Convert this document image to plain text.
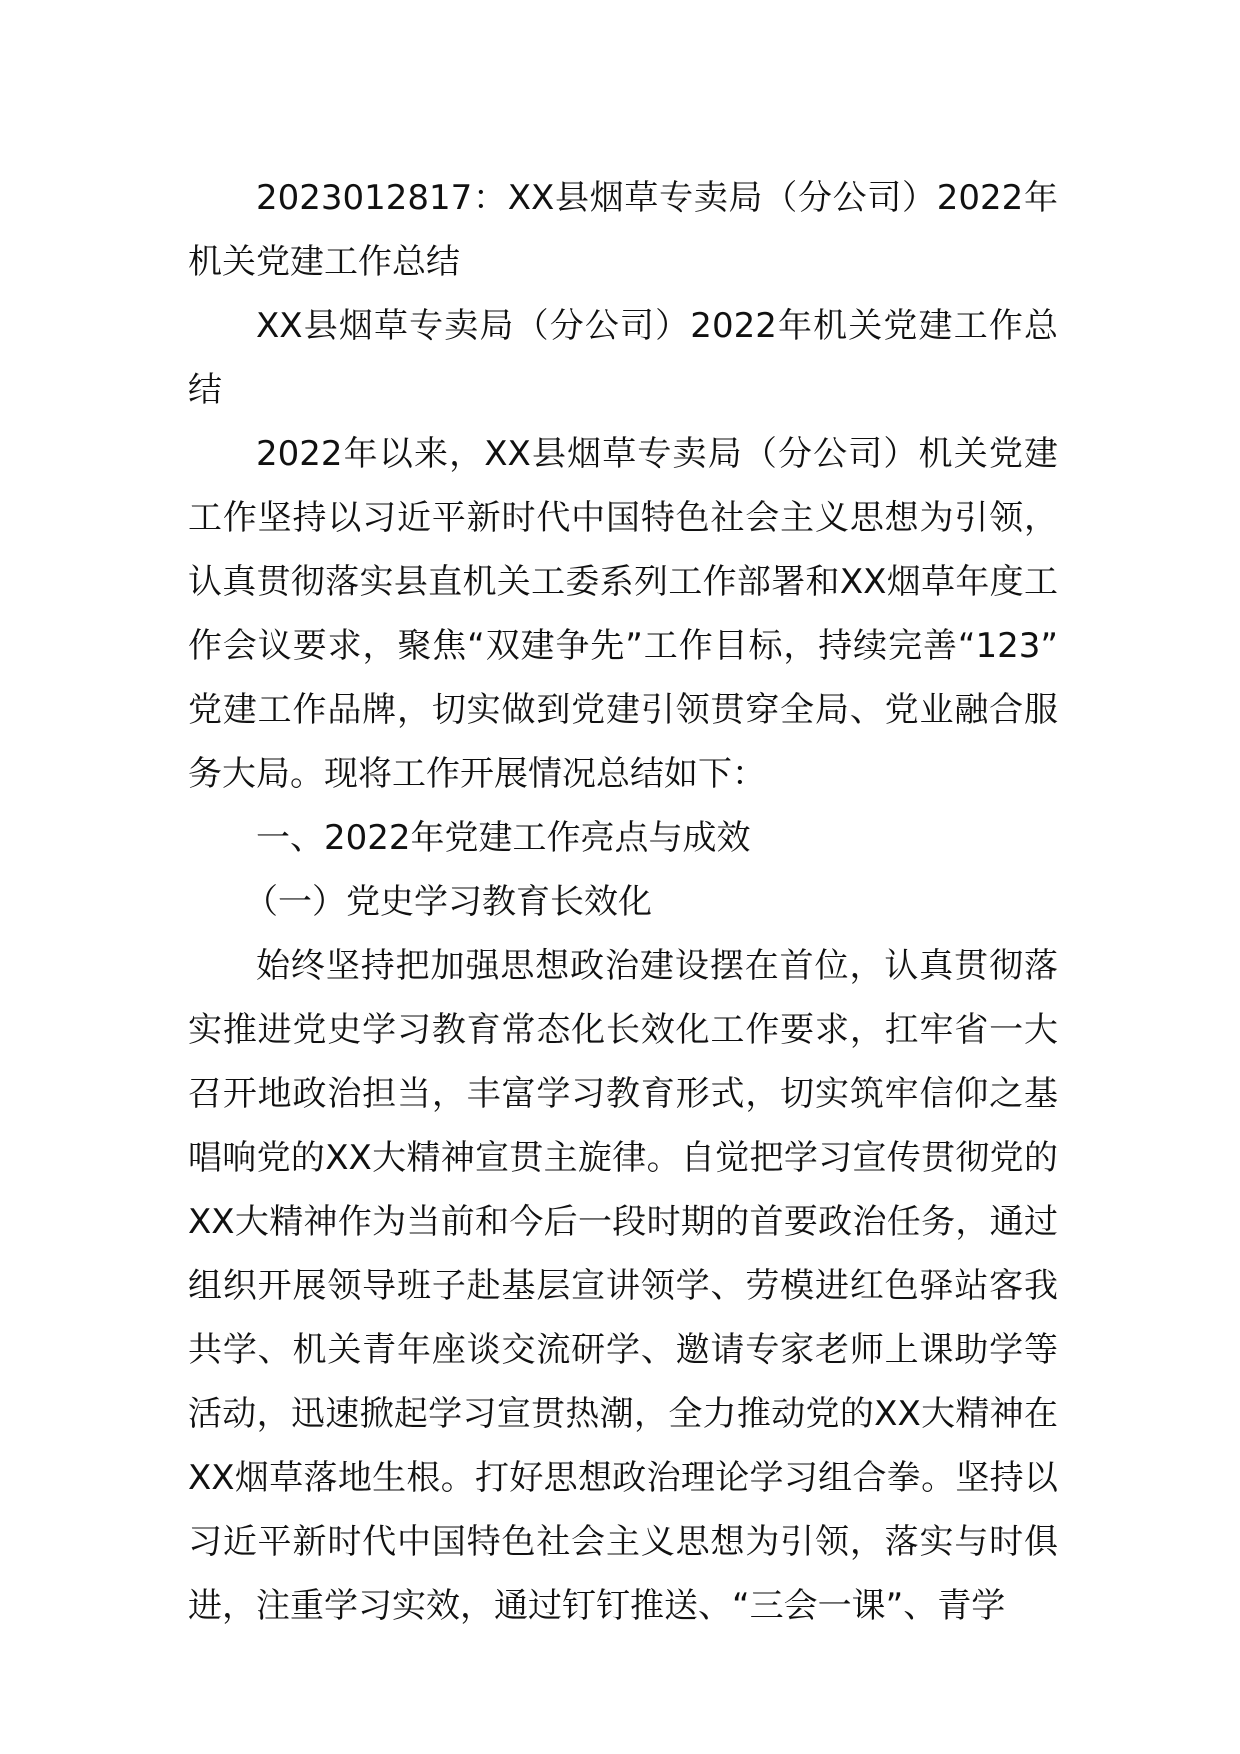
2023012817：XX县烟草专卖局（分公司）2022年机关党建工作总结

XX县烟草专卖局（分公司）2022年机关党建工作总结

2022年以来，XX县烟草专卖局（分公司）机关党建工作坚持以习近平新时代中国特色社会主义思想为引领，认真贯彻落实县直机关工委系列工作部署和XX烟草年度工作会议要求，聚焦“双建争先”工作目标，持续完善“123”党建工作品牌，切实做到党建引领贯穿全局、党业融合服务大局。现将工作开展情况总结如下：

一、2022年党建工作亮点与成效

（一）党史学习教育长效化

始终坚持把加强思想政治建设摆在首位，认真贯彻落实推进党史学习教育常态化长效化工作要求，扛牢省一大召开地政治担当，丰富学习教育形式，切实筑牢信仰之基唱响党的XX大精神宣贯主旋律。自觉把学习宣传贯彻党的XX大精神作为当前和今后一段时期的首要政治任务，通过组织开展领导班子赴基层宣讲领学、劳模进红色驿站客我共学、机关青年座谈交流研学、邀请专家老师上课助学等活动，迅速掀起学习宣贯热潮，全力推动党的XX大精神在XX烟草落地生根。打好思想政治理论学习组合拳。坚持以习近平新时代中国特色社会主义思想为引领，落实与时俱进，注重学习实效，通过钉钉推送、“三会一课”、青学
